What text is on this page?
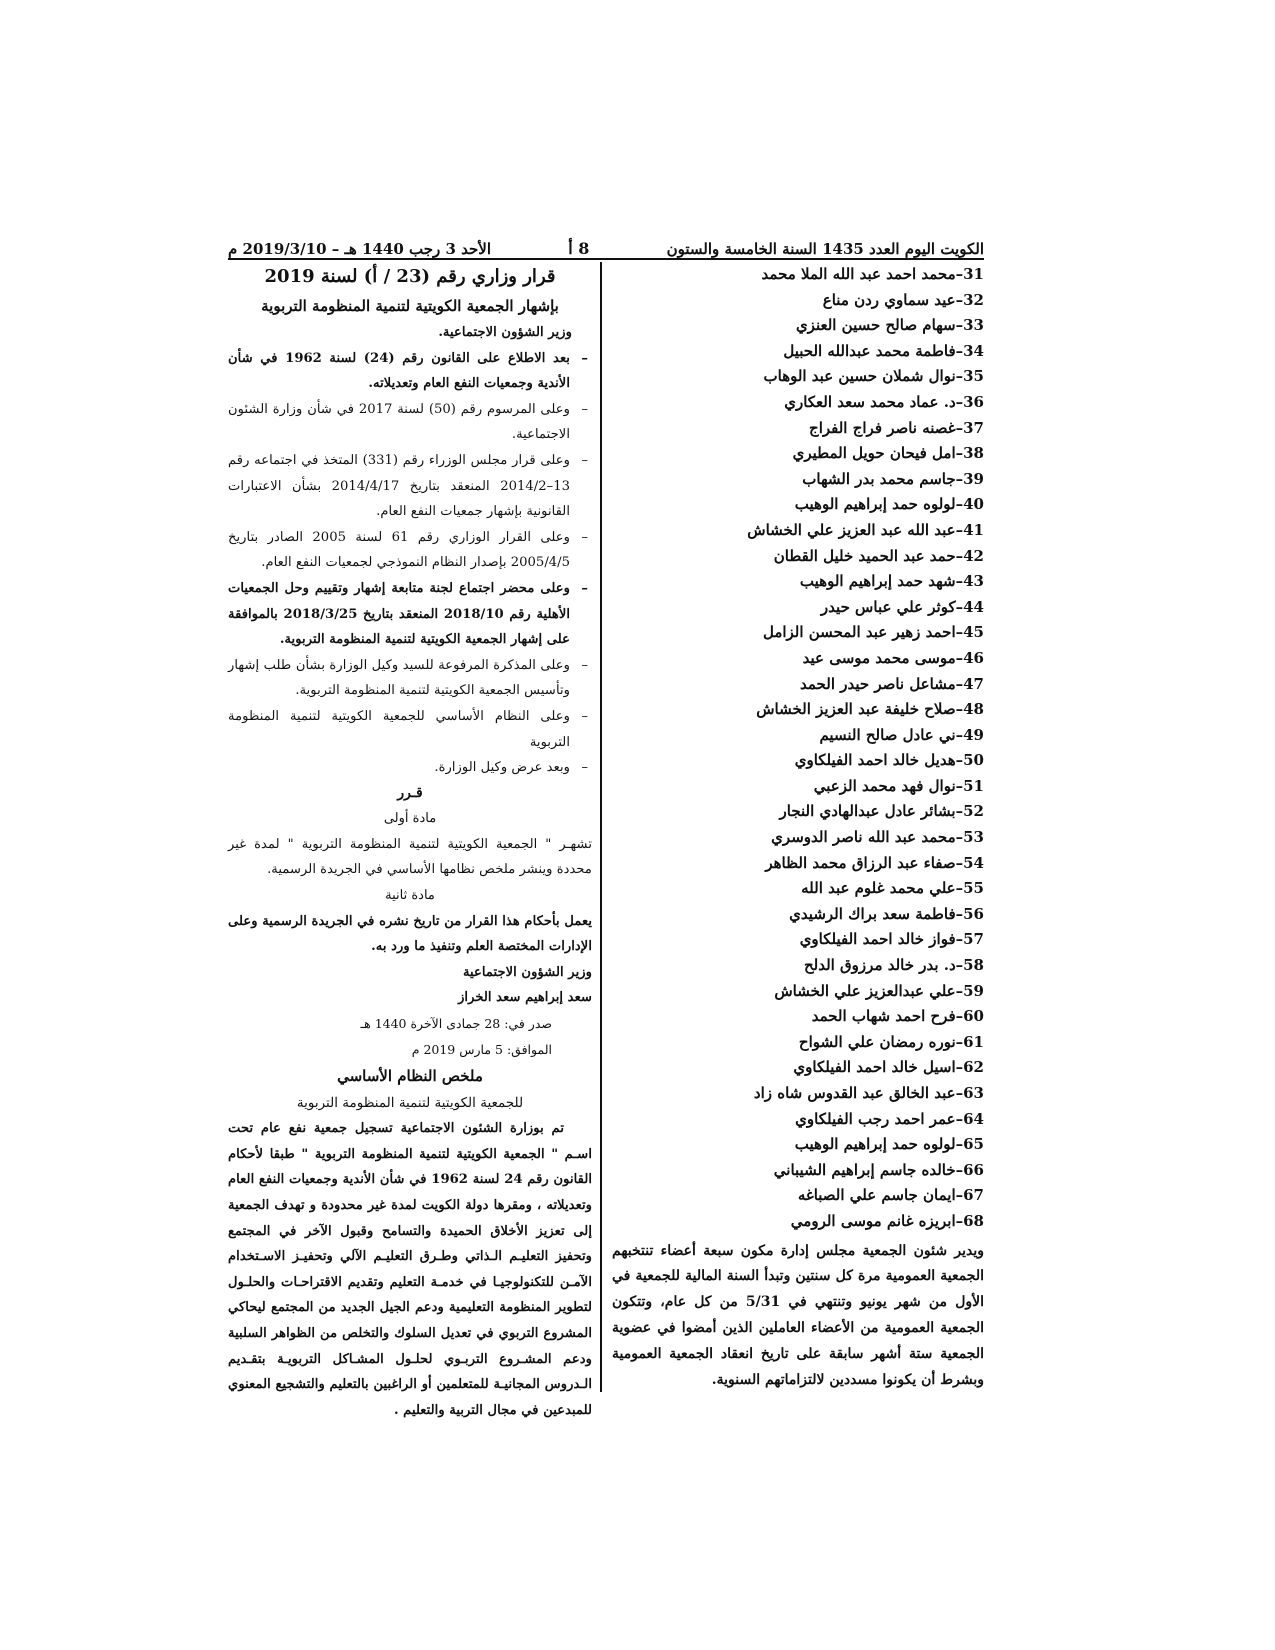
الكويت اليوم العدد 1435 السنة الخامسة والستون
8 أ
الأحد 3 رجب 1440 هـ – 2019/3/10 م
31–محمد احمد عبد الله الملا محمد
32–عيد سماوي ردن مناع
33–سهام صالح حسين العنزي
34–فاطمة محمد عبدالله الحبيل
35–نوال شملان حسين عبد الوهاب
36–د. عماد محمد سعد العكاري
37–غصنه ناصر فراج الفراج
38–امل فيحان حويل المطيري
39–جاسم محمد بدر الشهاب
40–لولوه حمد إبراهيم الوهيب
41–عبد الله عبد العزيز علي الخشاش
42–حمد عبد الحميد خليل القطان
43–شهد حمد إبراهيم الوهيب
44–كوثر علي عباس حيدر
45–احمد زهير عبد المحسن الزامل
46–موسى محمد موسى عيد
47–مشاعل ناصر حيدر الحمد
48–صلاح خليفة عبد العزيز الخشاش
49–ني عادل صالح النسيم
50–هديل خالد احمد الفيلكاوي
51–نوال فهد محمد الزعبي
52–بشائر عادل عبدالهادي النجار
53–محمد عبد الله ناصر الدوسري
54–صفاء عبد الرزاق محمد الظاهر
55–علي محمد غلوم عبد الله
56–فاطمة سعد براك الرشيدي
57–فواز خالد احمد الفيلكاوي
58–د. بدر خالد مرزوق الدلح
59–علي عبدالعزيز علي الخشاش
60–فرح احمد شهاب الحمد
61–نوره رمضان علي الشواح
62–اسيل خالد احمد الفيلكاوي
63–عبد الخالق عبد القدوس شاه زاد
64–عمر احمد رجب الفيلكاوي
65–لولوه حمد إبراهيم الوهيب
66–خالده جاسم إبراهيم الشيباني
67–ايمان جاسم علي الصباغه
68–ابريزه غانم موسى الرومي

ويدير شئون الجمعية مجلس إدارة مكون سبعة أعضاء تنتخبهم الجمعية العمومية مرة كل سنتين وتبدأ السنة المالية للجمعية في الأول من شهر يونيو وتنتهي في 5/31 من كل عام، وتتكون الجمعية العمومية من الأعضاء العاملين الذين أمضوا في عضوية الجمعية ستة أشهر سابقة على تاريخ انعقاد الجمعية العمومية وبشرط أن يكونوا مسددين لالتزاماتهم السنوية.

قرار وزاري رقم (23 / أ) لسنة 2019

بإشهار الجمعية الكويتية لتنمية المنظومة التربوية

وزير الشؤون الاجتماعية.

– بعد الاطلاع على القانون رقم (24) لسنة 1962 في شأن الأندية وجمعيات النفع العام وتعديلاته.

– وعلى المرسوم رقم (50) لسنة 2017 في شأن وزارة الشئون الاجتماعية.

– وعلى قرار مجلس الوزراء رقم (331) المتخذ في اجتماعه رقم 13–2014/2 المنعقد بتاريخ 2014/4/17 بشأن الاعتبارات القانونية بإشهار جمعيات النفع العام.

– وعلى القرار الوزاري رقم 61 لسنة 2005 الصادر بتاريخ 2005/4/5 بإصدار النظام النموذجي لجمعيات النفع العام.

– وعلى محضر اجتماع لجنة متابعة إشهار وتقييم وحل الجمعيات الأهلية رقم 2018/10 المنعقد بتاريخ 2018/3/25 بالموافقة على إشهار الجمعية الكويتية لتنمية المنظومة التربوية.

– وعلى المذكرة المرفوعة للسيد وكيل الوزارة بشأن طلب إشهار وتأسيس الجمعية الكويتية لتنمية المنظومة التربوية.

– وعلى النظام الأساسي للجمعية الكويتية لتنمية المنظومة التربوية

– وبعد عرض وكيل الوزارة.

قـرر

مادة أولى

تشهـر " الجمعية الكويتية لتنمية المنظومة التربوية " لمدة غير محددة وينشر ملخص نظامها الأساسي في الجريدة الرسمية.

مادة ثانية

يعمل بأحكام هذا القرار من تاريخ نشره في الجريدة الرسمية وعلى الإدارات المختصة العلم وتنفيذ ما ورد به.

وزير الشؤون الاجتماعية

سعد إبراهيم سعد الخراز

صدر في: 28 جمادى الآخرة 1440 هـ

الموافق: 5 مارس 2019 م

ملخص النظام الأساسي

للجمعية الكويتية لتنمية المنظومة التربوية

تم بوزارة الشئون الاجتماعية تسجيل جمعية نفع عام تحت اسـم " الجمعية الكويتية لتنمية المنظومة التربوية " طبقا لأحكام القانون رقم 24 لسنة 1962 في شأن الأندية وجمعيات النفع العام وتعديلاته ، ومقرها دولة الكويت لمدة غير محدودة و تهدف الجمعية إلى تعزيز الأخلاق الحميدة والتسامح وقبول الآخر في المجتمع وتحفيز التعليـم الـذاتي وطـرق التعليـم الآلي وتحفيـز الاسـتخدام الآمـن للتكنولوجيـا في خدمـة التعليم وتقديم الاقتراحـات والحلـول لتطوير المنظومة التعليمية ودعم الجيل الجديد من المجتمع ليحاكي المشروع التربوي في تعديل السلوك والتخلص من الظواهر السلبية ودعم المشـروع التربـوي لحلـول المشـاكل التربويـة بتقـديم الـدروس المجانيـة للمتعلمين أو الراغبين بالتعليم والتشجيع المعنوي للمبدعين في مجال التربية والتعليم .
